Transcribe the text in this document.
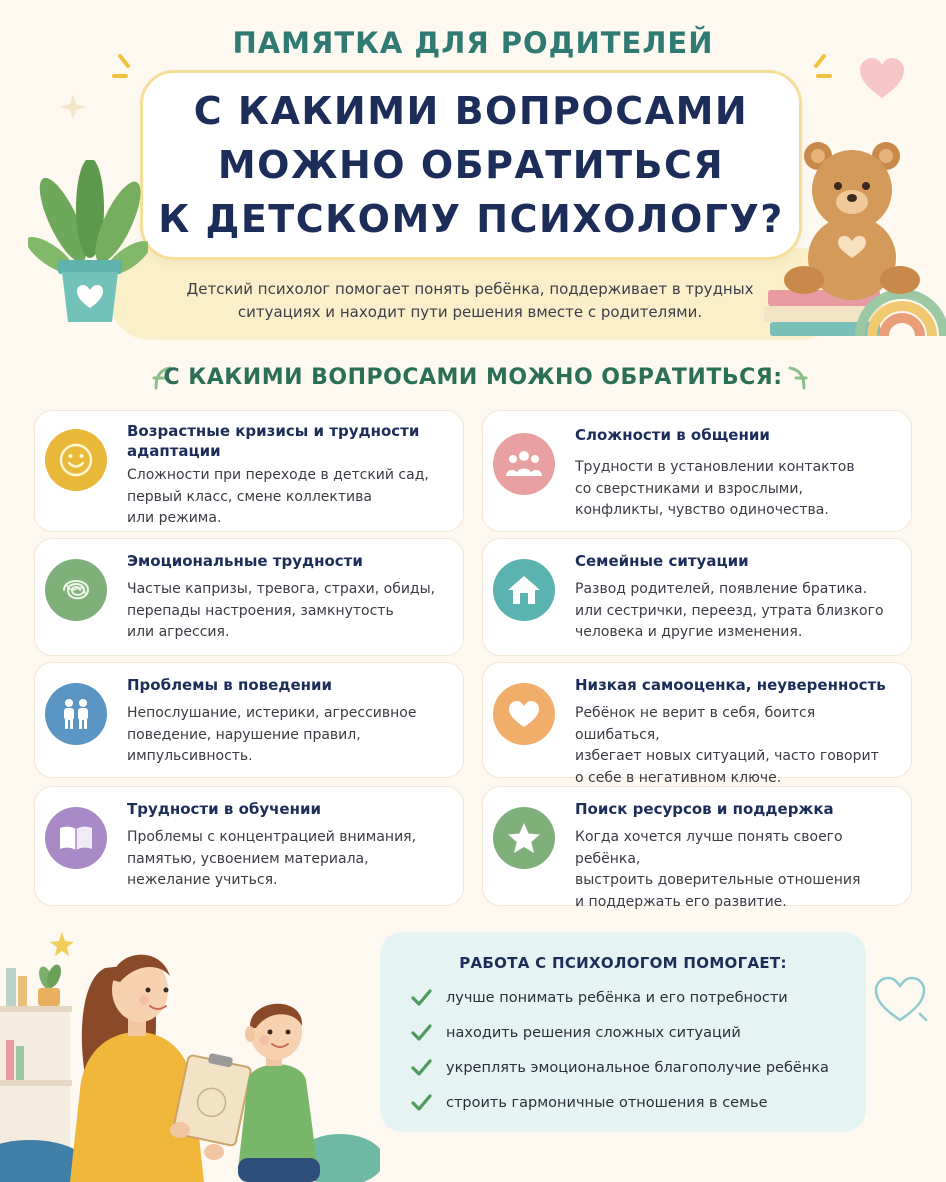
ПАМЯТКА ДЛЯ РОДИТЕЛЕЙ
С КАКИМИ ВОПРОСАМИ
МОЖНО ОБРАТИТЬСЯ
К ДЕТСКОМУ ПСИХОЛОГУ?
Детский психолог помогает понять ребёнка, поддерживает в трудных ситуациях и находит пути решения вместе с родителями.
С КАКИМИ ВОПРОСАМИ МОЖНО ОБРАТИТЬСЯ:
Возрастные кризисы и трудности адаптации
Сложности при переходе в детский сад,
первый класс, смене коллектива
или режима.
Сложности в общении
Трудности в установлении контактов
со сверстниками и взрослыми,
конфликты, чувство одиночества.
Эмоциональные трудности
Частые капризы, тревога, страхи, обиды,
перепады настроения, замкнутость
или агрессия.
Семейные ситуации
Развод родителей, появление братика.
или сестрички, переезд, утрата близкого
человека и другие изменения.
Проблемы в поведении
Непослушание, истерики, агрессивное
поведение, нарушение правил,
импульсивность.
Низкая самооценка, неуверенность
Ребёнок не верит в себя, боится ошибаться,
избегает новых ситуаций, часто говорит
о себе в негативном ключе.
Трудности в обучении
Проблемы с концентрацией внимания,
памятью, усвоением материала,
нежелание учиться.
Поиск ресурсов и поддержка
Когда хочется лучше понять своего ребёнка,
выстроить доверительные отношения
и поддержать его развитие.
РАБОТА С ПСИХОЛОГОМ ПОМОГАЕТ:
лучше понимать ребёнка и его потребности
находить решения сложных ситуаций
укреплять эмоциональное благополучие ребёнка
строить гармоничные отношения в семье
